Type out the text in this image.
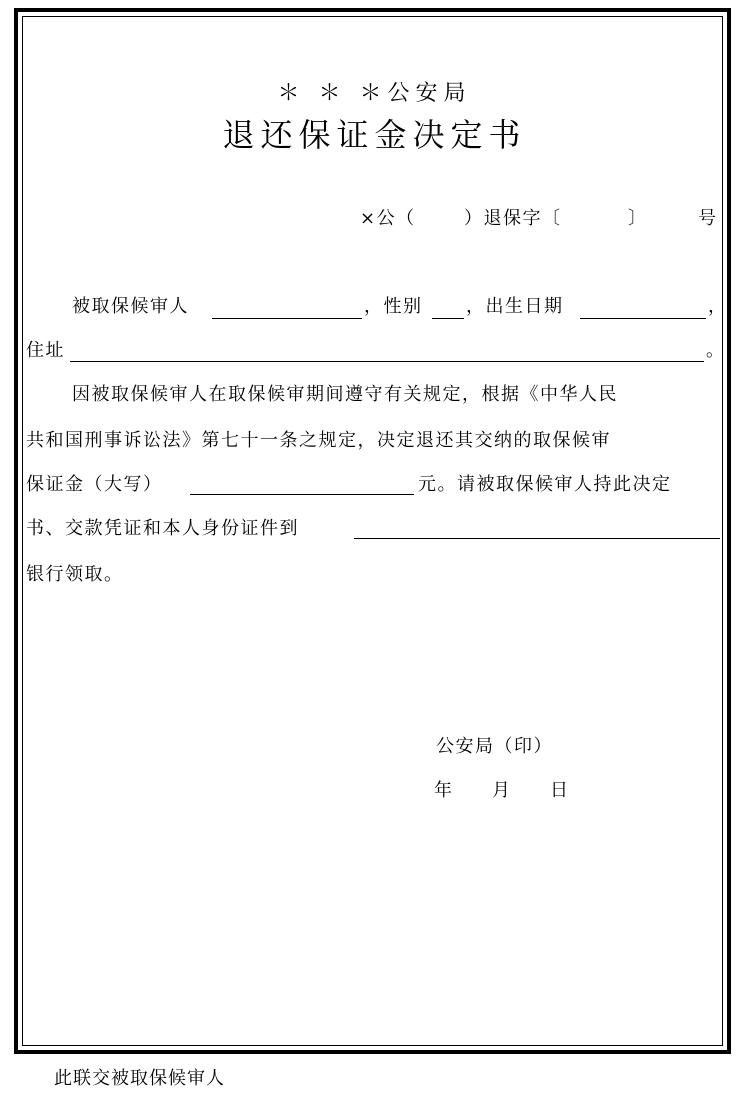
＊ ＊ ＊公安局
退还保证金决定书
×公（	）退保字〔	〕	号
被取保候审人	，性别 ，出生日期	，
住址	。
因被取保候审人在取保候审期间遵守有关规定，根据《中华人民
共和国刑事诉讼法》第七十一条之规定，决定退还其交纳的取保候审
保证金（大写）	元。请被取保候审人持此决定
书、交款凭证和本人身份证件到
银行领取。
公安局（印）
年 月 日
此联交被取保候审人
